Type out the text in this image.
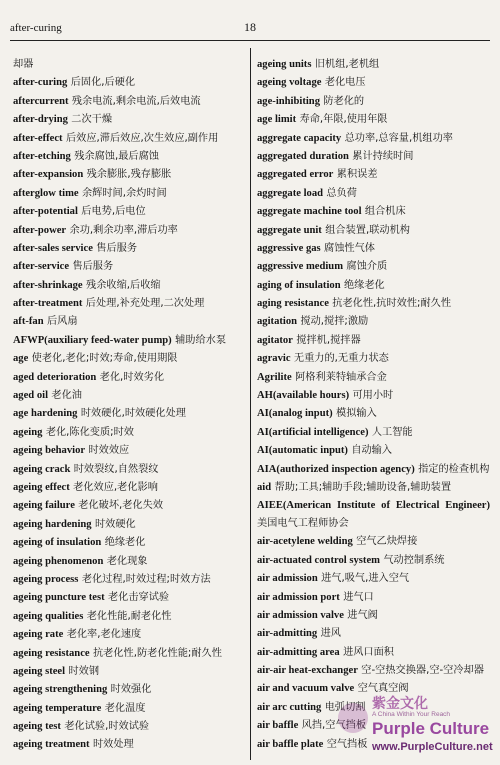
after-curing	18
却器
after-curing 后固化,后硬化
aftercurrent 残余电流,剩余电流,后效电流
after-drying 二次干燥
after-effect 后效应,滞后效应,次生效应,副作用
after-etching 残余腐蚀,最后腐蚀
after-expansion 残余膨胀,残存膨胀
afterglow time 余辉时间,余灼时间
after-potential 后电势,后电位
after-power 余功,剩余功率,滞后功率
after-sales service 售后服务
after-service 售后服务
after-shrinkage 残余收缩,后收缩
after-treatment 后处理,补充处理,二次处理
aft-fan 后风扇
AFWP(auxiliary feed-water pump) 辅助给水泵
age 使老化,老化;时效;寿命,使用期限
aged deterioration 老化,时效劣化
aged oil 老化油
age hardening 时效硬化,时效硬化处理
ageing 老化,陈化变质;时效
ageing behavior 时效效应
ageing crack 时效裂纹,自然裂纹
ageing effect 老化效应,老化影响
ageing failure 老化破坏,老化失效
ageing hardening 时效硬化
ageing of insulation 绝缘老化
ageing phenomenon 老化现象
ageing process 老化过程,时效过程;时效方法
ageing puncture test 老化击穿试验
ageing qualities 老化性能,耐老化性
ageing rate 老化率,老化速度
ageing resistance 抗老化性,防老化性能;耐久性
ageing steel 时效钢
ageing strengthening 时效强化
ageing temperature 老化温度
ageing test 老化试验,时效试验
ageing treatment 时效处理
ageing units 旧机组,老机组
ageing voltage 老化电压
age-inhibiting 防老化的
age limit 寿命,年限,使用年限
aggregate capacity 总功率,总容量,机组功率
aggregated duration 累计持续时间
aggregated error 累积误差
aggregate load 总负荷
aggregate machine tool 组合机床
aggregate unit 组合装置,联动机构
aggressive gas 腐蚀性气体
aggressive medium 腐蚀介质
aging of insulation 绝缘老化
aging resistance 抗老化性,抗时效性;耐久性
agitation 搅动,搅拌;激励
agitator 搅拌机,搅拌器
agravic 无重力的,无重力状态
Agrilite 阿格利莱特轴承合金
AH(available hours) 可用小时
AI(analog input) 模拟输入
AI(artificial intelligence) 人工智能
AI(automatic input) 自动输入
AIA(authorized inspection agency) 指定的检查机构
aid 帮助;工具;辅助手段;辅助设备,辅助装置
AIEE(American Institute of Electrical Engineer) 美国电气工程师协会
air-acetylene welding 空气乙炔焊接
air-actuated control system 气动控制系统
air admission 进气,吸气,进入空气
air admission port 进气口
air admission valve 进气阀
air-admitting 进风
air-admitting area 进风口面积
air-air heat-exchanger 空-空热交换器,空-空冷却器
air and vacuum valve 空气真空阀
air arc cutting 电弧切割
air baffle 风挡,空气挡板
air baffle plate 空气挡板
紫金文化
A China Within Your Reach
Purple Culture
www.PurpleCulture.net
